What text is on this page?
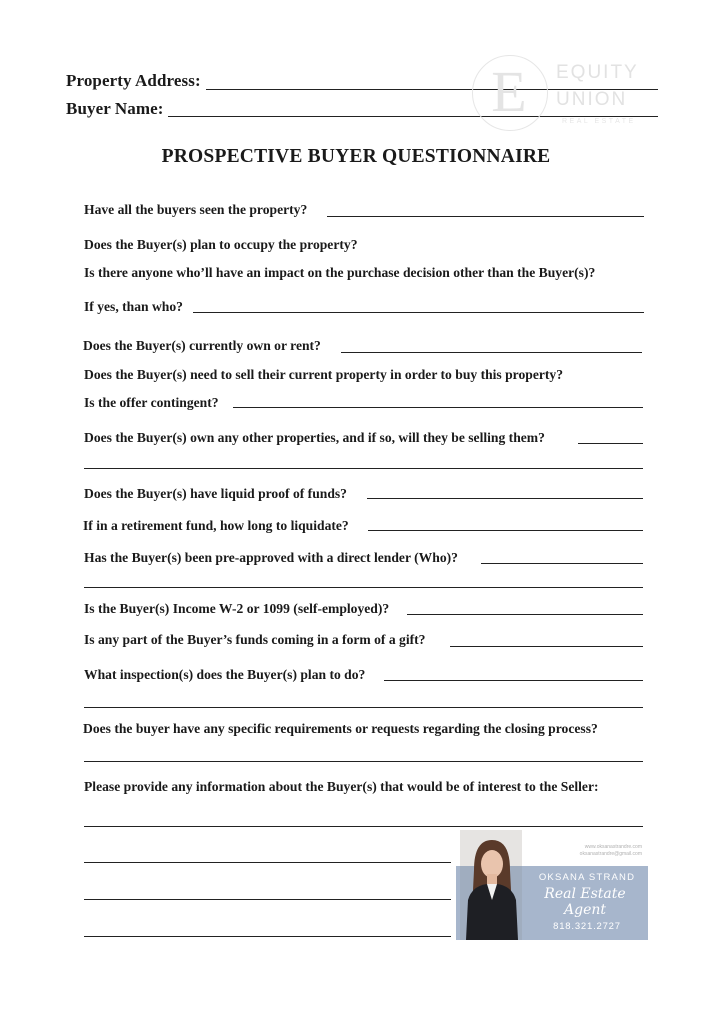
Property Address:
Buyer Name:	E	EQUITY
UNION
REAL ESTATE
PROSPECTIVE BUYER QUESTIONNAIRE
Have all the buyers seen the property?
Does the Buyer(s) plan to occupy the property?
Is there anyone who’ll have an impact on the purchase decision other than the Buyer(s)?
If yes, than who?
Does the Buyer(s) currently own or rent?
Does the Buyer(s) need to sell their current property in order to buy this property?
Is the offer contingent?
Does the Buyer(s) own any other properties, and if so, will they be selling them?
Does the Buyer(s) have liquid proof of funds?
If in a retirement fund, how long to liquidate?
Has the Buyer(s) been pre-approved with a direct lender (Who)?
Is the Buyer(s) Income W-2 or 1099 (self-employed)?
Is any part of the Buyer’s funds coming in a form of a gift?
What inspection(s) does the Buyer(s) plan to do?
Does the buyer have any specific requirements or requests regarding the closing process?
Please provide any information about the Buyer(s) that would be of interest to the Seller:
www.oksanastrandre.com
oksanastrandre@gmail.com
OKSANA STRAND
Real Estate Agent
818.321.2727
